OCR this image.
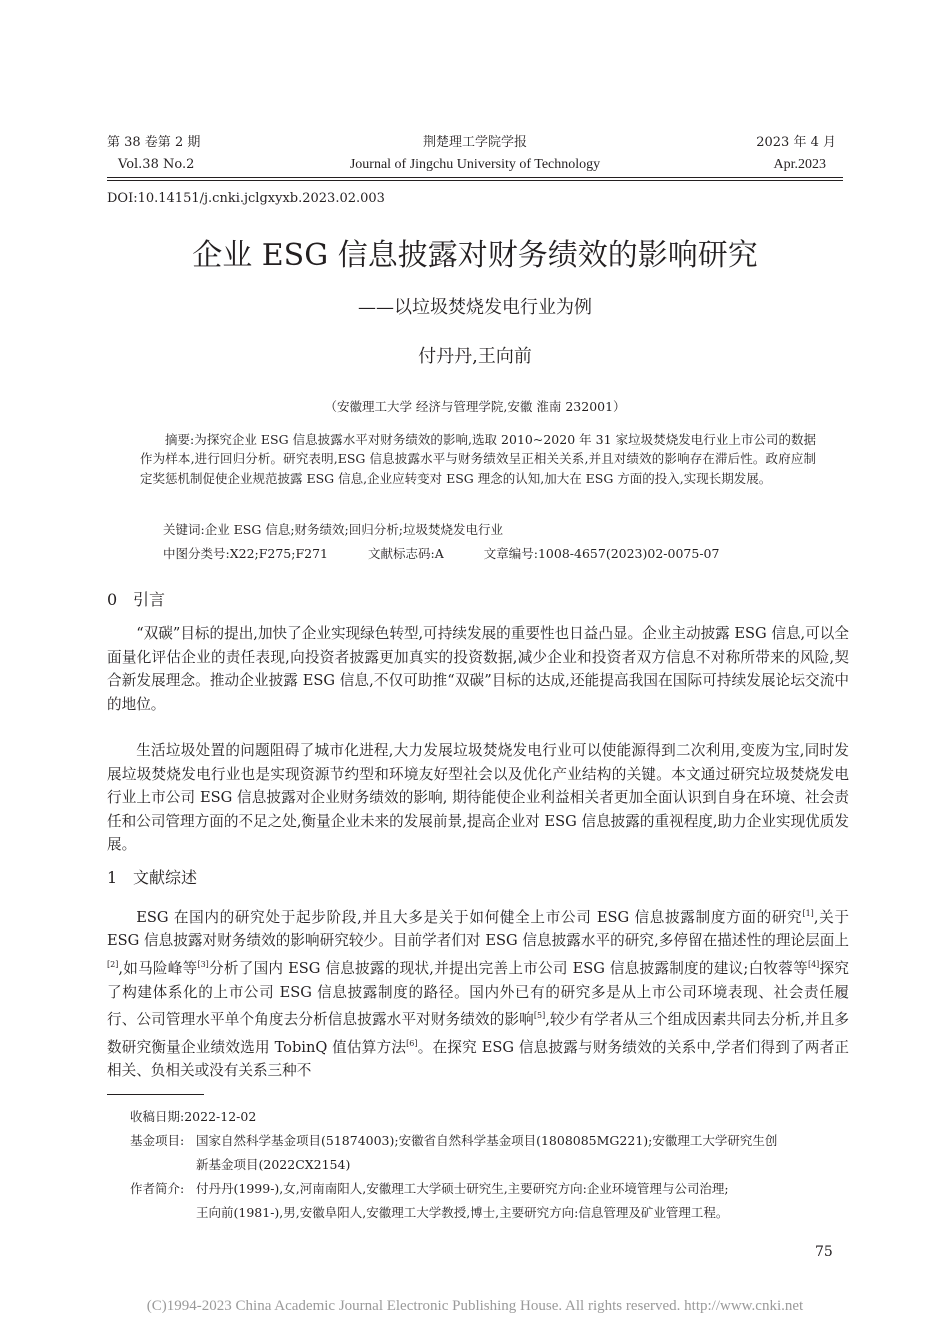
第 38 卷第 2 期	荆楚理工学院学报	2023 年 4 月
Vol.38 No.2	Journal of Jingchu University of Technology	Apr.2023
DOI:10.14151/j.cnki.jclgxyxb.2023.02.003
企业 ESG 信息披露对财务绩效的影响研究
——以垃圾焚烧发电行业为例
付丹丹,王向前
（安徽理工大学 经济与管理学院,安徽 淮南 232001）
摘要:为探究企业 ESG 信息披露水平对财务绩效的影响,选取 2010~2020 年 31 家垃圾焚烧发电行业上市公司的数据作为样本,进行回归分析。研究表明,ESG 信息披露水平与财务绩效呈正相关关系,并且对绩效的影响存在滞后性。政府应制定奖惩机制促使企业规范披露 ESG 信息,企业应转变对 ESG 理念的认知,加大在 ESG 方面的投入,实现长期发展。
关键词:企业 ESG 信息;财务绩效;回归分析;垃圾焚烧发电行业
中图分类号:X22;F275;F271	文献标志码:A	文章编号:1008-4657(2023)02-0075-07
0 引言

“双碳”目标的提出,加快了企业实现绿色转型,可持续发展的重要性也日益凸显。企业主动披露 ESG 信息,可以全面量化评估企业的责任表现,向投资者披露更加真实的投资数据,减少企业和投资者双方信息不对称所带来的风险,契合新发展理念。推动企业披露 ESG 信息,不仅可助推“双碳”目标的达成,还能提高我国在国际可持续发展论坛交流中的地位。

生活垃圾处置的问题阻碍了城市化进程,大力发展垃圾焚烧发电行业可以使能源得到二次利用,变废为宝,同时发展垃圾焚烧发电行业也是实现资源节约型和环境友好型社会以及优化产业结构的关键。本文通过研究垃圾焚烧发电行业上市公司 ESG 信息披露对企业财务绩效的影响, 期待能使企业利益相关者更加全面认识到自身在环境、社会责任和公司管理方面的不足之处,衡量企业未来的发展前景,提高企业对 ESG 信息披露的重视程度,助力企业实现优质发展。

1 文献综述

ESG 在国内的研究处于起步阶段,并且大多是关于如何健全上市公司 ESG 信息披露制度方面的研究[1],关于 ESG 信息披露对财务绩效的影响研究较少。目前学者们对 ESG 信息披露水平的研究,多停留在描述性的理论层面上[2],如马险峰等[3]分析了国内 ESG 信息披露的现状,并提出完善上市公司 ESG 信息披露制度的建议;白牧蓉等[4]探究了构建体系化的上市公司 ESG 信息披露制度的路径。国内外已有的研究多是从上市公司环境表现、社会责任履行、公司管理水平单个角度去分析信息披露水平对财务绩效的影响[5],较少有学者从三个组成因素共同去分析,并且多数研究衡量企业绩效选用 TobinQ 值估算方法[6]。在探究 ESG 信息披露与财务绩效的关系中,学者们得到了两者正相关、负相关或没有关系三种不

收稿日期:2022-12-02
基金项目: 国家自然科学基金项目(51874003);安徽省自然科学基金项目(1808085MG221);安徽理工大学研究生创
新基金项目(2022CX2154)
作者简介: 付丹丹(1999-),女,河南南阳人,安徽理工大学硕士研究生,主要研究方向:企业环境管理与公司治理;
王向前(1981-),男,安徽阜阳人,安徽理工大学教授,博士,主要研究方向:信息管理及矿业管理工程。
75
(C)1994-2023 China Academic Journal Electronic Publishing House. All rights reserved. http://www.cnki.net
